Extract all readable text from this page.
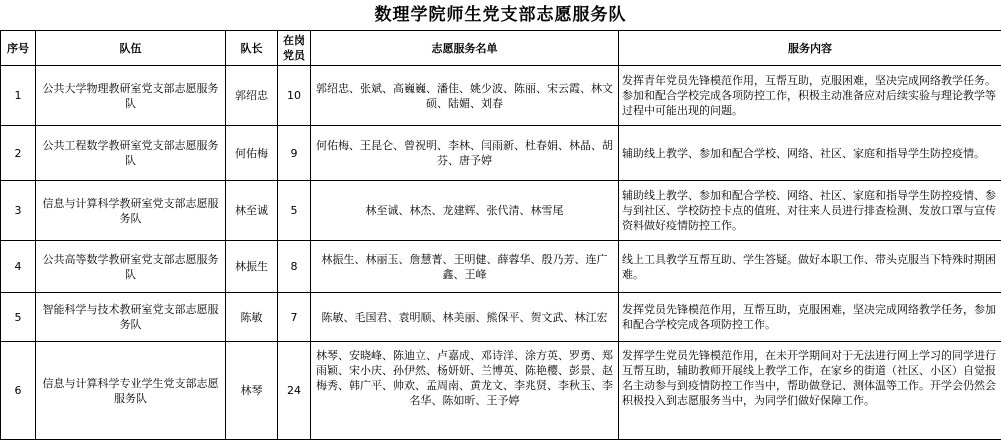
数理学院师生党支部志愿服务队
序号	队伍	队长	在岗党员	志愿服务名单	服务内容
1	公共大学物理教研室党支部志愿服务队	郭绍忠	10	郭绍忠、张斌、高巍巍、潘佳、姚少波、陈丽、宋云霞、林文硕、陆媚、刘春	发挥青年党员先锋模范作用，互帮互助，克服困难，坚决完成网络教学任务。参加和配合学校完成各项防控工作，积极主动准备应对后续实验与理论教学等过程中可能出现的问题。
2	公共工程数学教研室党支部志愿服务队	何佑梅	9	何佑梅、王昆仑、曾祝明、李林、闫雨新、杜春娟、林晶、胡芬、唐予婷	辅助线上教学、参加和配合学校、网络、社区、家庭和指导学生防控疫情。
3	信息与计算科学教研室党支部志愿服务队	林至诚	5	林至诚、林杰、龙建辉、张代清、林雪尾	辅助线上教学、参加和配合学校、网络、社区、家庭和指导学生防控疫情、参与到社区、学校防控卡点的值班、对往来人员进行排查检测、发放口罩与宣传资料做好疫情防控工作。
4	公共高等数学教研室党支部志愿服务队	林振生	8	林振生、林丽玉、詹慧菁、王明健、薛蓉华、殷乃芳、连广鑫、王峰	线上工具教学互帮互助、学生答疑。做好本职工作、带头克服当下特殊时期困难。
5	智能科学与技术教研室党支部志愿服务队	陈敏	7	陈敏、毛国君、袁明顺、林美丽、熊保平、贺文武、林江宏	发挥党员先锋模范作用，互帮互助，克服困难，坚决完成网络教学任务，参加和配合学校完成各项防控工作。
6	信息与计算科学专业学生党支部志愿服务队	林琴	24	林琴、安晓峰、陈迪立、卢嘉成、邓诗洋、涂方英、罗勇、郑雨颖、宋小庆、孙伊然、杨妍妍、兰博英、陈艳樱、彭景、赵梅秀、韩广平、帅欢、孟周南、黄龙文、李兆贤、李秋玉、李名华、陈如昕、王予婷	发挥学生党员先锋模范作用，在未开学期间对于无法进行网上学习的同学进行互帮互助，辅助教师开展线上教学工作，在家乡的街道（社区、小区）自觉报名主动参与到疫情防控工作当中，帮助做登记、测体温等工作。开学会仍然会积极投入到志愿服务当中，为同学们做好保障工作。
